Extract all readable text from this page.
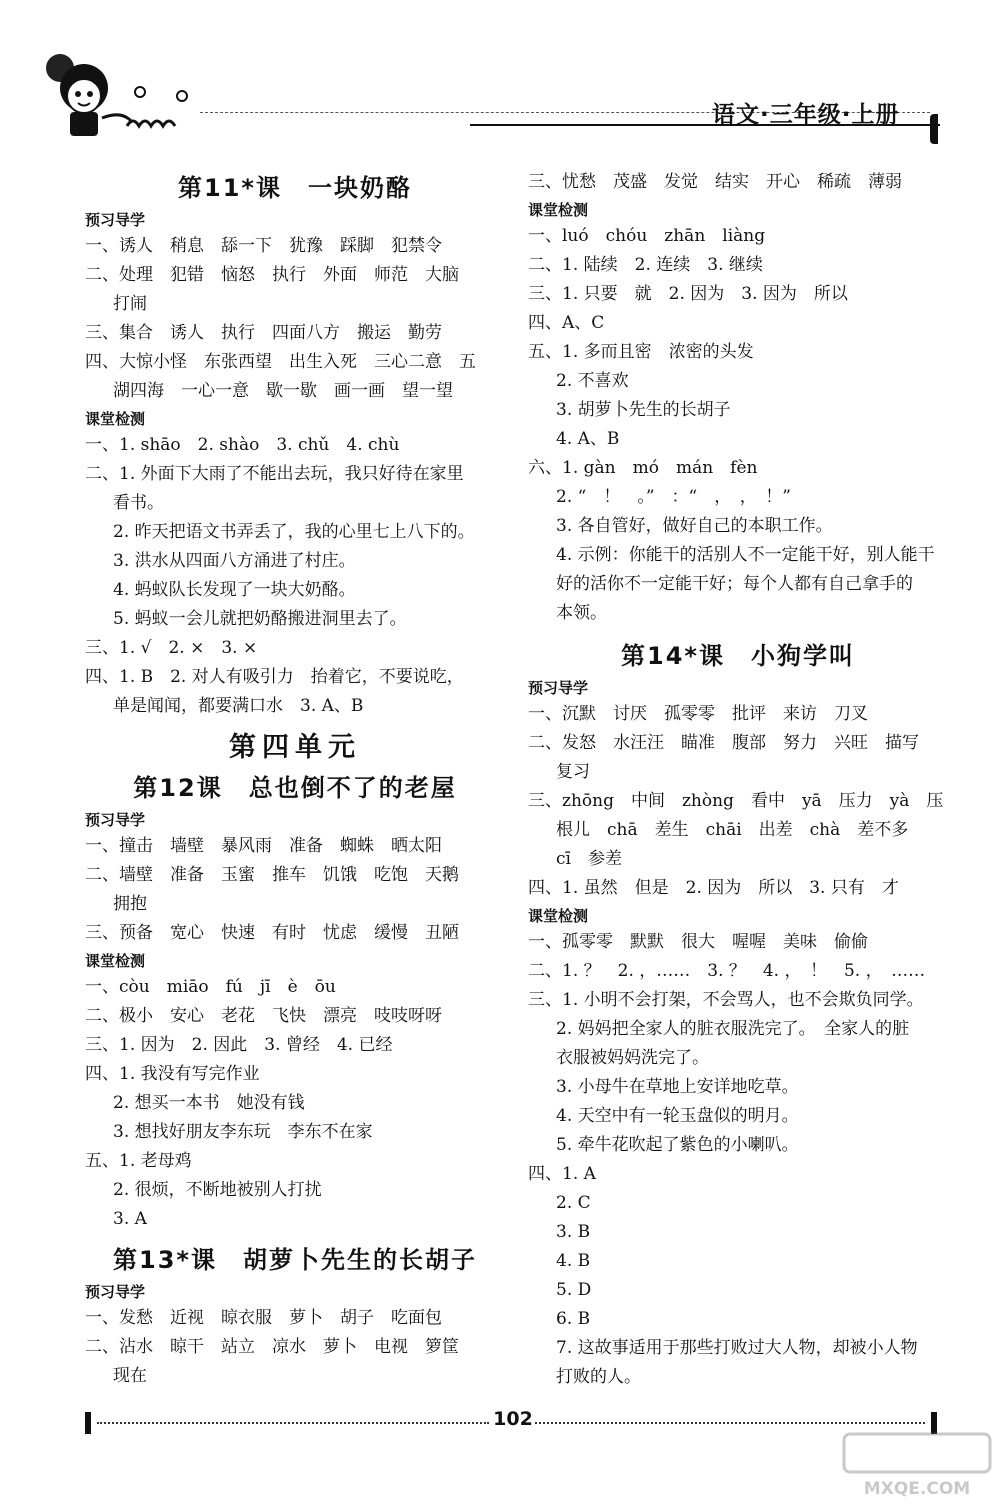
语文·三年级·上册
第11*课　一块奶酪
预习导学
一、诱人　稍息　舔一下　犹豫　踩脚　犯禁令
二、处理　犯错　恼怒　执行　外面　师范　大脑
打闹
三、集合　诱人　执行　四面八方　搬运　勤劳
四、大惊小怪　东张西望　出生入死　三心二意　五
湖四海　一心一意　歇一歇　画一画　望一望
课堂检测
一、1. shāo　2. shào　3. chǔ　4. chù
二、1. 外面下大雨了不能出去玩，我只好待在家里
看书。
2. 昨天把语文书弄丢了，我的心里七上八下的。
3. 洪水从四面八方涌进了村庄。
4. 蚂蚁队长发现了一块大奶酪。
5. 蚂蚁一会儿就把奶酪搬进洞里去了。
三、1. √　2. ×　3. ×
四、1. B　2. 对人有吸引力　抬着它，不要说吃，
单是闻闻，都要满口水　3. A、B
第四单元
第12课　总也倒不了的老屋
预习导学
一、撞击　墙壁　暴风雨　准备　蜘蛛　晒太阳
二、墙壁　准备　玉蜜　推车　饥饿　吃饱　天鹅
拥抱
三、预备　宽心　快速　有时　忧虑　缓慢　丑陋
课堂检测
一、còu　miāo　fú　jī　è　ōu
二、极小　安心　老花　飞快　漂亮　吱吱呀呀
三、1. 因为　2. 因此　3. 曾经　4. 已经
四、1. 我没有写完作业
2. 想买一本书　她没有钱
3. 想找好朋友李东玩　李东不在家
五、1. 老母鸡
2. 很烦，不断地被别人打扰
3. A
第13*课　胡萝卜先生的长胡子
预习导学
一、发愁　近视　晾衣服　萝卜　胡子　吃面包
二、沾水　晾干　站立　凉水　萝卜　电视　箩筐
现在
三、忧愁　茂盛　发觉　结实　开心　稀疏　薄弱
课堂检测
一、luó　chóu　zhān　liàng
二、1. 陆续　2. 连续　3. 继续
三、1. 只要　就　2. 因为　3. 因为　所以
四、A、C
五、1. 多而且密　浓密的头发
2. 不喜欢
3. 胡萝卜先生的长胡子
4. A、B
六、1. gàn　mó　mán　fèn
2. “　！　。”　：“　，　，　！”
3. 各自管好，做好自己的本职工作。
4. 示例：你能干的活别人不一定能干好，别人能干
好的活你不一定能干好；每个人都有自己拿手的
本领。
第14*课　小狗学叫
预习导学
一、沉默　讨厌　孤零零　批评　来访　刀叉
二、发怒　水汪汪　瞄准　腹部　努力　兴旺　描写
复习
三、zhōng　中间　zhòng　看中　yā　压力　yà　压
根儿　chā　差生　chāi　出差　chà　差不多
cī　参差
四、1. 虽然　但是　2. 因为　所以　3. 只有　才
课堂检测
一、孤零零　默默　很大　喔喔　美味　偷偷
二、1. ？　2. ，……　3. ？　4. ，　！　5. ，　……
三、1. 小明不会打架，不会骂人，也不会欺负同学。
2. 妈妈把全家人的脏衣服洗完了。　全家人的脏
衣服被妈妈洗完了。
3. 小母牛在草地上安详地吃草。
4. 天空中有一轮玉盘似的明月。
5. 牵牛花吹起了紫色的小喇叭。
四、1. A
2. C
3. B
4. B
5. D
6. B
7. 这故事适用于那些打败过大人物，却被小人物
打败的人。
102
MXQE.COM
